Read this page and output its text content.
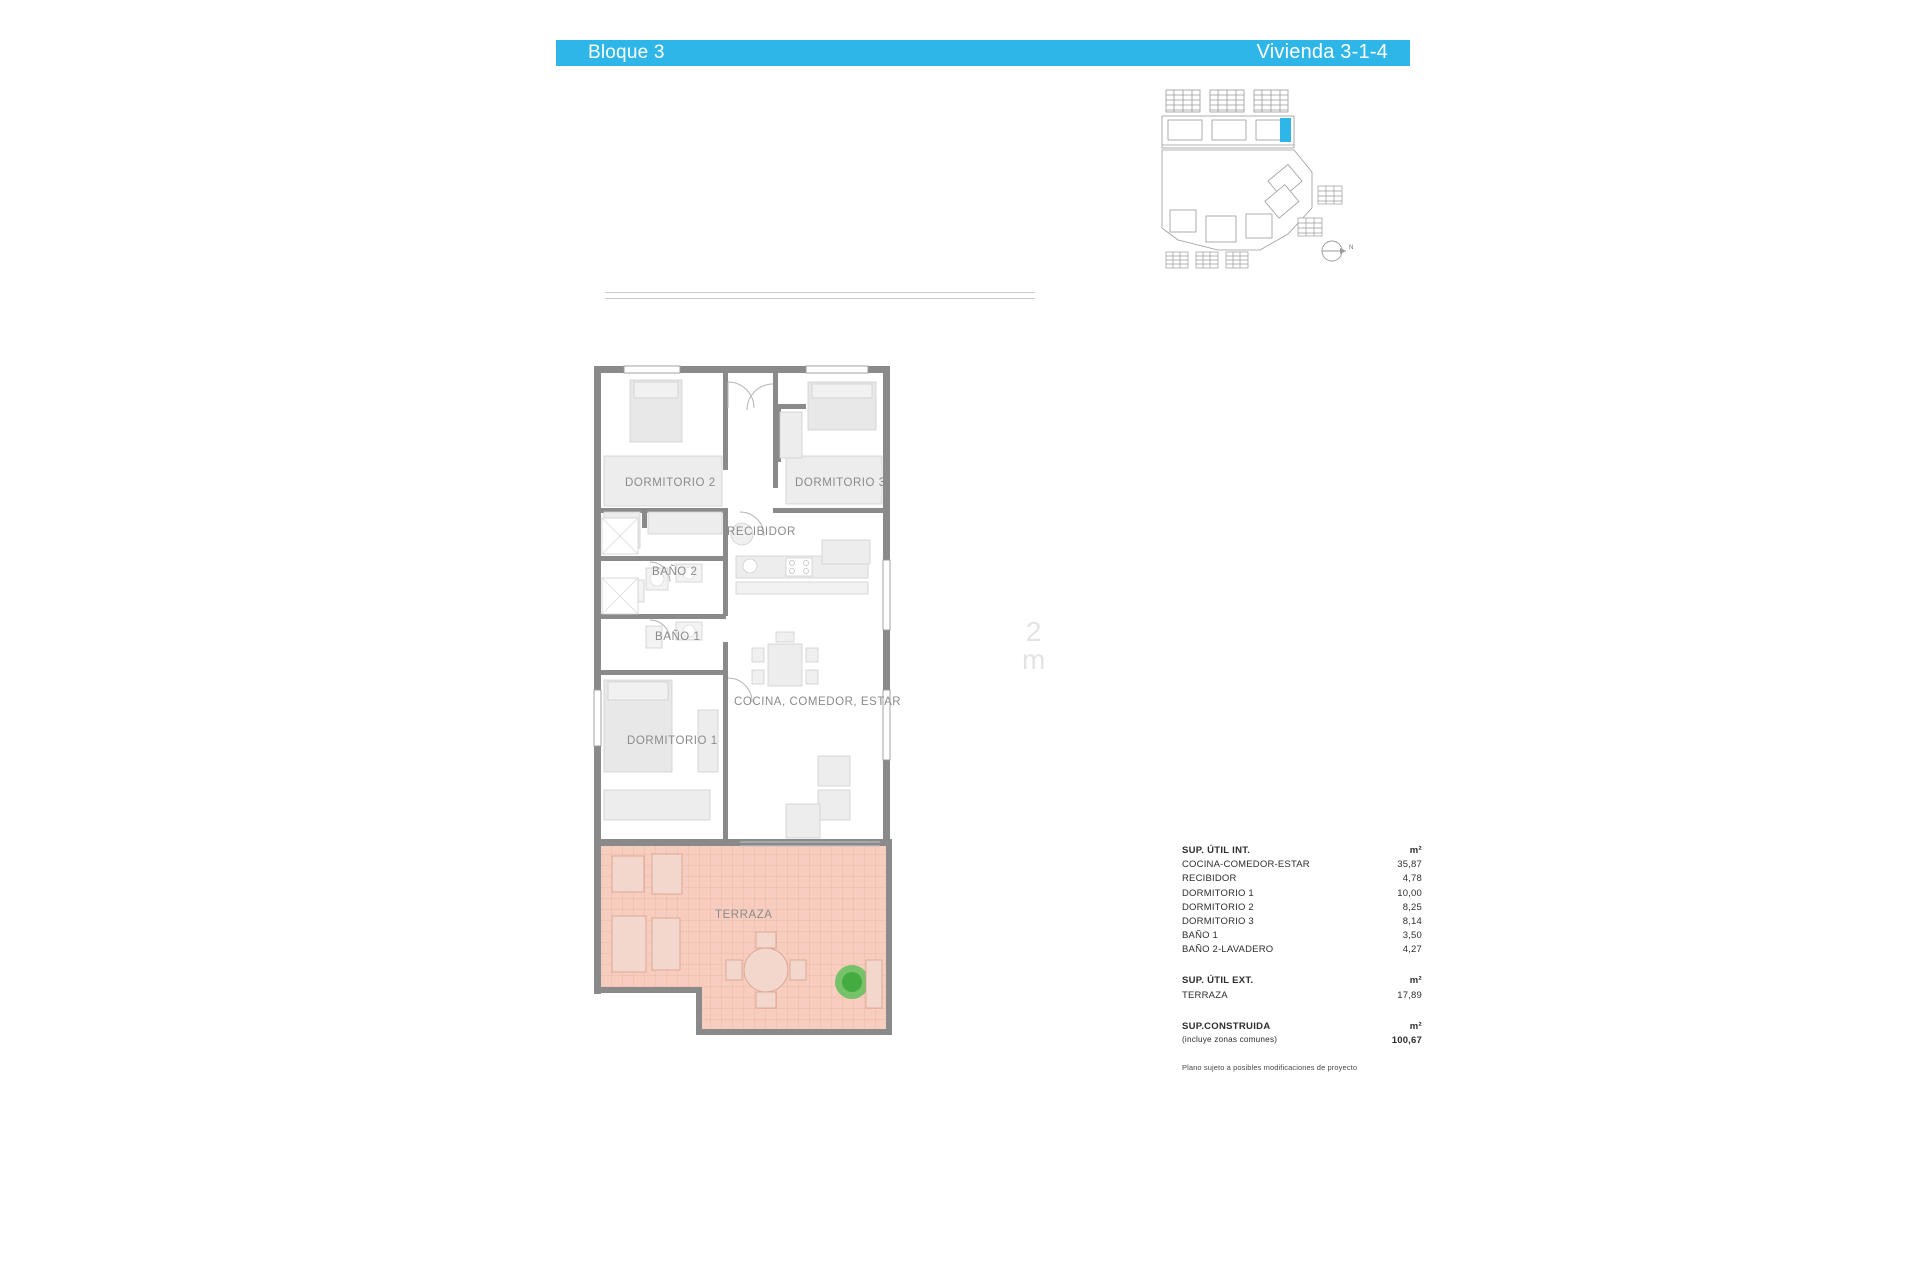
Bloque 3	Vivienda 3-1-4
N
DORMITORIO 2	DORMITORIO 3
RECIBIDOR
BAÑO 2
BAÑO 1
COCINA, COMEDOR, ESTAR
DORMITORIO 1
TERRAZA
2
m
SUP. ÚTIL INT.	m²
COCINA-COMEDOR-ESTAR	35,87
RECIBIDOR	4,78
DORMITORIO 1	10,00
DORMITORIO 2	8,25
DORMITORIO 3	8,14
BAÑO 1	3,50
BAÑO 2-LAVADERO	4,27
SUP. ÚTIL EXT.	m²
TERRAZA	17,89
SUP.CONSTRUIDA	m²
(incluye zonas comunes)	100,67
Plano sujeto a posibles modificaciones de proyecto
